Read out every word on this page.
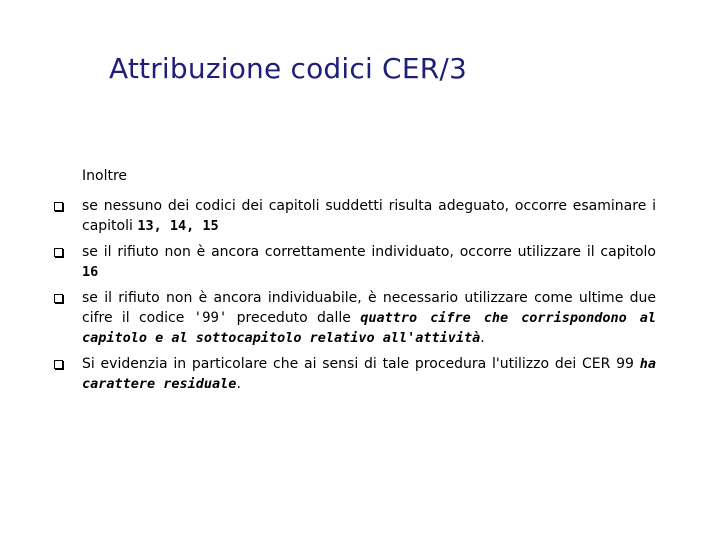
Attribuzione codici CER/3
Inoltre
se nessuno dei codici dei capitoli suddetti risulta adeguato, occorre esaminare i capitoli 13, 14, 15
se il rifiuto non è ancora correttamente individuato, occorre utilizzare il capitolo 16
se il rifiuto non è ancora individuabile, è necessario utilizzare come ultime due cifre il codice '99' preceduto dalle quattro cifre che corrispondono al capitolo e al sottocapitolo relativo all'attività.
Si evidenzia in particolare che ai sensi di tale procedura l'utilizzo dei CER 99 ha carattere residuale.
